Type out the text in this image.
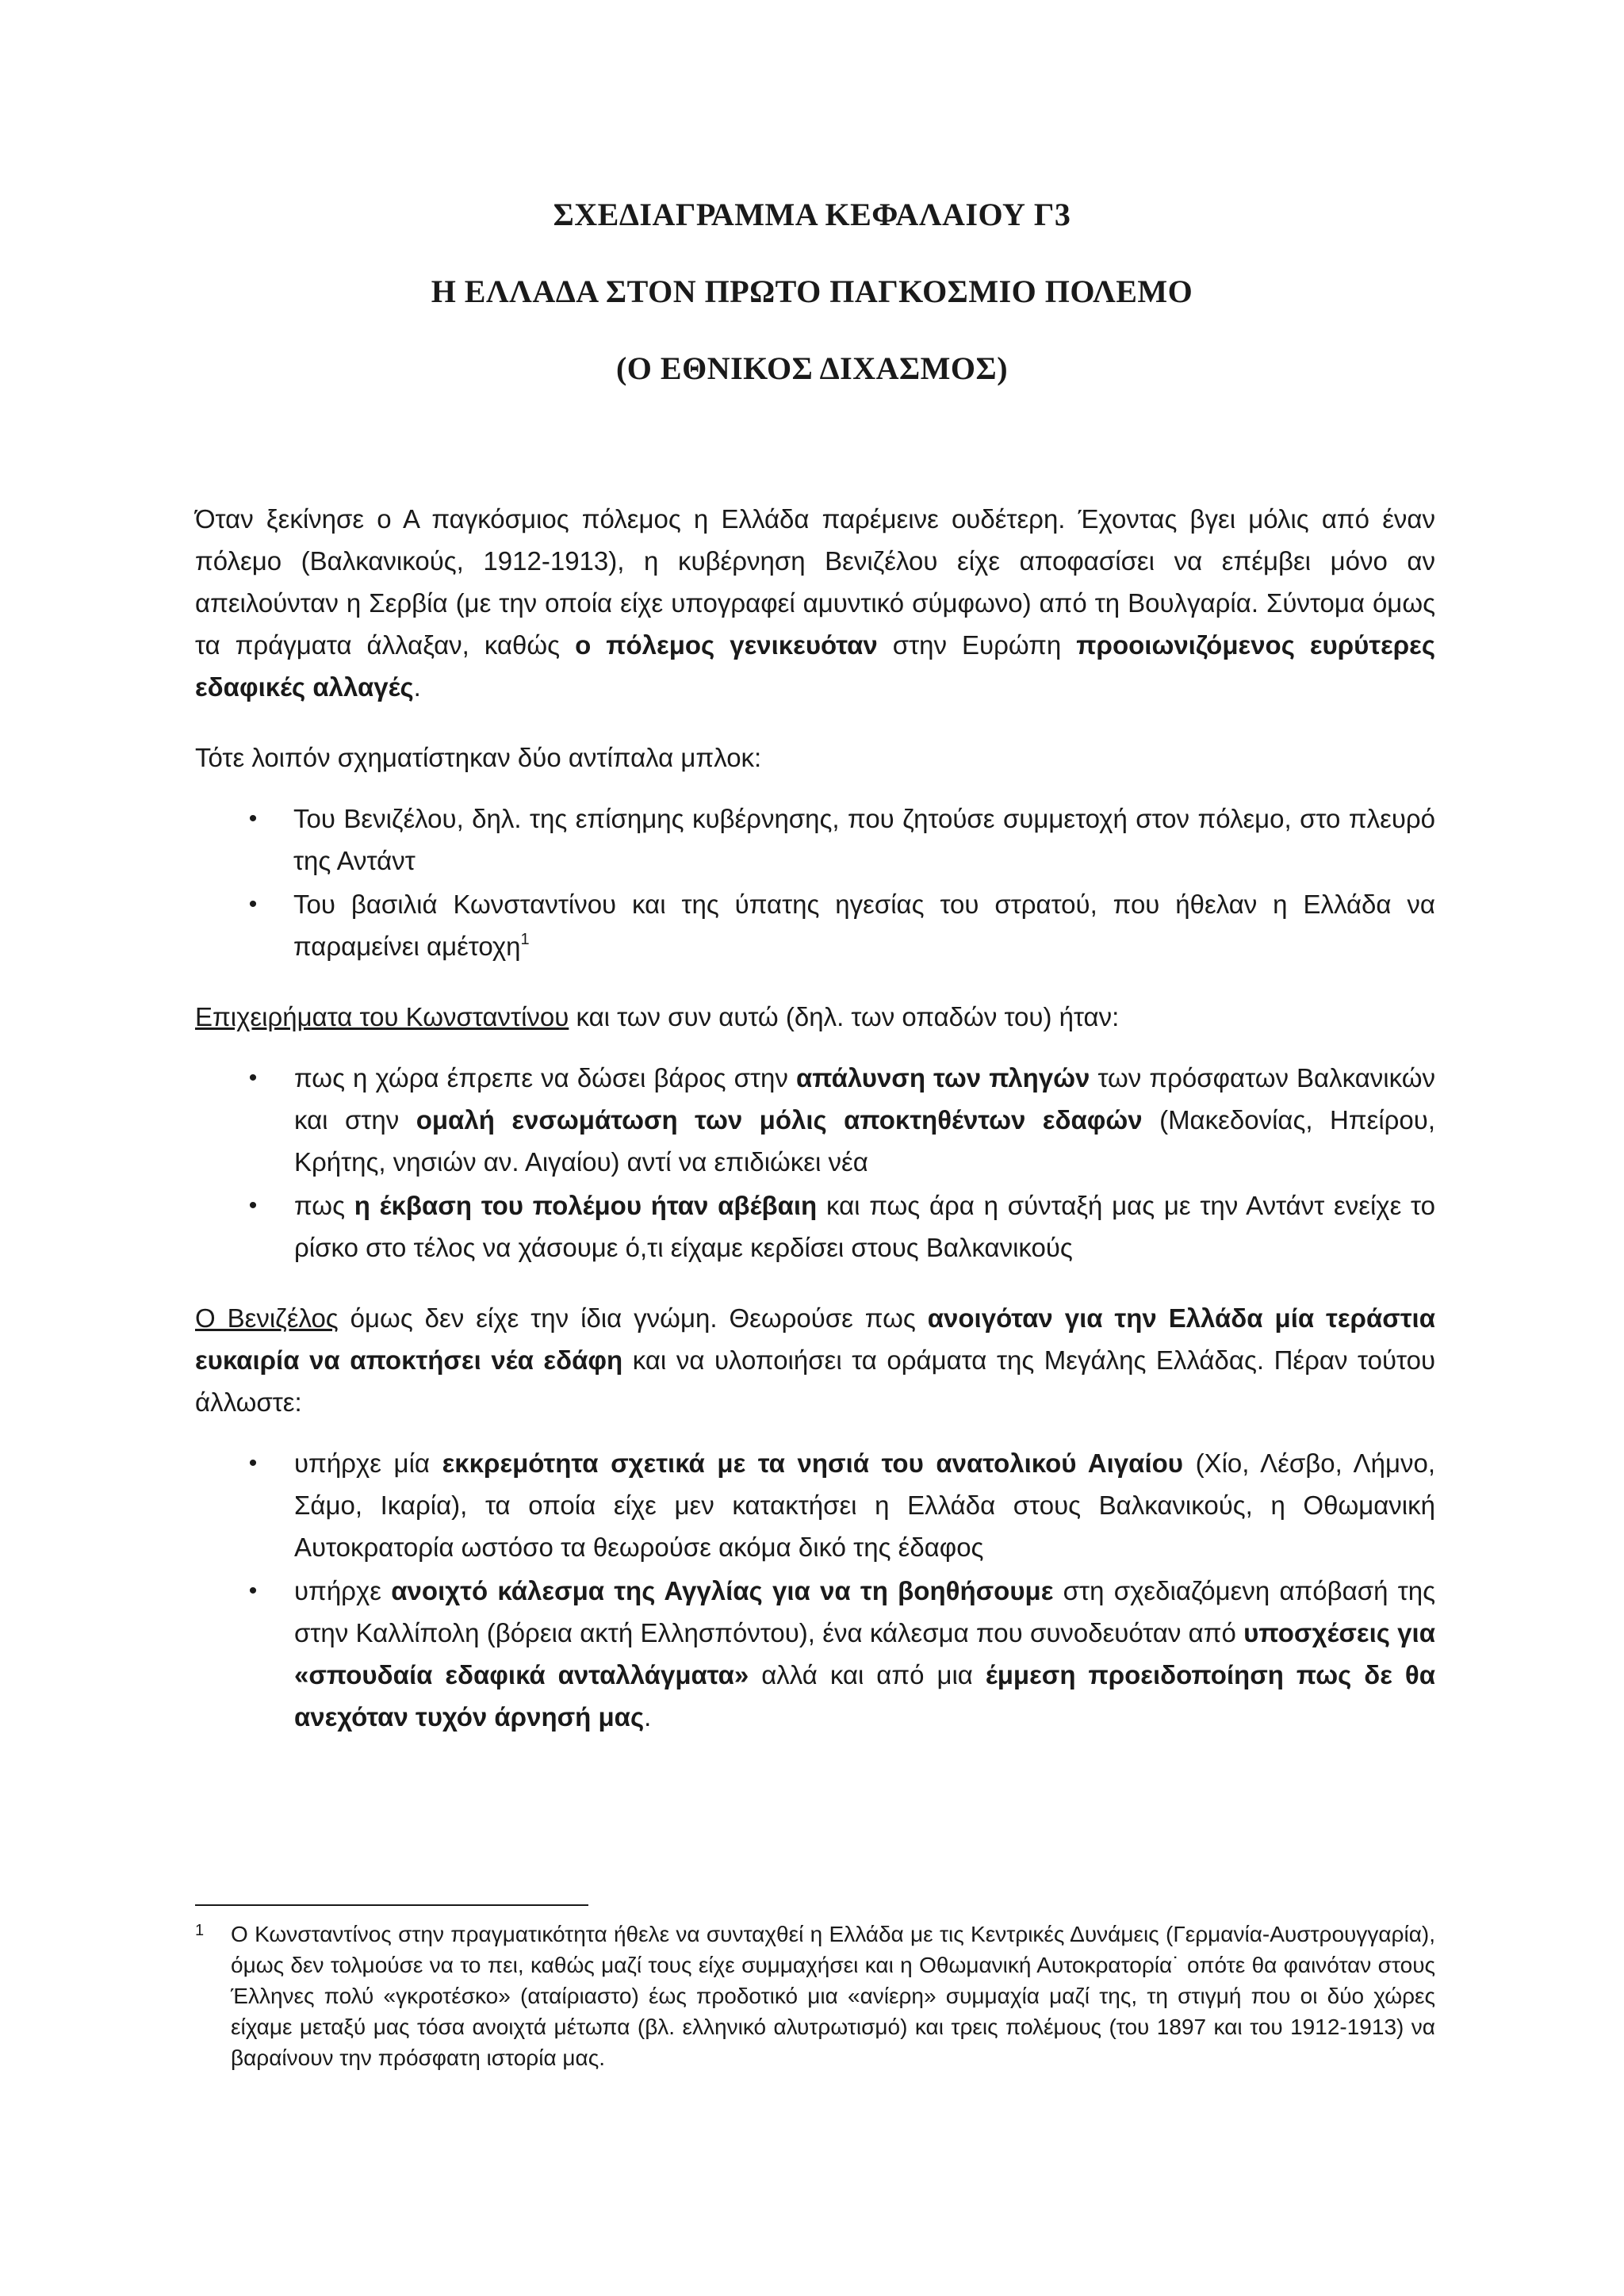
ΣΧΕΔΙΑΓΡΑΜΜΑ ΚΕΦΑΛΑΙΟΥ Γ3
Η ΕΛΛΑΔΑ ΣΤΟΝ ΠΡΩΤΟ ΠΑΓΚΟΣΜΙΟ ΠΟΛΕΜΟ
(Ο ΕΘΝΙΚΟΣ ΔΙΧΑΣΜΟΣ)

Όταν ξεκίνησε ο Α παγκόσμιος πόλεμος η Ελλάδα παρέμεινε ουδέτερη. Έχοντας βγει μόλις από έναν πόλεμο (Βαλκανικούς, 1912-1913), η κυβέρνηση Βενιζέλου είχε αποφασίσει να επέμβει μόνο αν απειλούνταν η Σερβία (με την οποία είχε υπογραφεί αμυντικό σύμφωνο) από τη Βουλγαρία. Σύντομα όμως τα πράγματα άλλαξαν, καθώς ο πόλεμος γενικευόταν στην Ευρώπη προοιωνιζόμενος ευρύτερες εδαφικές αλλαγές.

Τότε λοιπόν σχηματίστηκαν δύο αντίπαλα μπλοκ:

• Του Βενιζέλου, δηλ. της επίσημης κυβέρνησης, που ζητούσε συμμετοχή στον πόλεμο, στο πλευρό της Αντάντ
• Του βασιλιά Κωνσταντίνου και της ύπατης ηγεσίας του στρατού, που ήθελαν η Ελλάδα να παραμείνει αμέτοχη$^1$

Επιχειρήματα του Κωνσταντίνου και των συν αυτώ (δηλ. των οπαδών του) ήταν:

• πως η χώρα έπρεπε να δώσει βάρος στην απάλυνση των πληγών των πρόσφατων Βαλκανικών και στην ομαλή ενσωμάτωση των μόλις αποκτηθέντων εδαφών (Μακεδονίας, Ηπείρου, Κρήτης, νησιών αν. Αιγαίου) αντί να επιδιώκει νέα
• πως η έκβαση του πολέμου ήταν αβέβαιη και πως άρα η σύνταξή μας με την Αντάντ ενείχε το ρίσκο στο τέλος να χάσουμε ό,τι είχαμε κερδίσει στους Βαλκανικούς

Ο Βενιζέλος όμως δεν είχε την ίδια γνώμη. Θεωρούσε πως ανοιγόταν για την Ελλάδα μία τεράστια ευκαιρία να αποκτήσει νέα εδάφη και να υλοποιήσει τα οράματα της Μεγάλης Ελλάδας. Πέραν τούτου άλλωστε:

• υπήρχε μία εκκρεμότητα σχετικά με τα νησιά του ανατολικού Αιγαίου (Χίο, Λέσβο, Λήμνο, Σάμο, Ικαρία), τα οποία είχε μεν κατακτήσει η Ελλάδα στους Βαλκανικούς, η Οθωμανική Αυτοκρατορία ωστόσο τα θεωρούσε ακόμα δικό της έδαφος
• υπήρχε ανοιχτό κάλεσμα της Αγγλίας για να τη βοηθήσουμε στη σχεδιαζόμενη απόβασή της στην Καλλίπολη (βόρεια ακτή Ελλησπόντου), ένα κάλεσμα που συνοδευόταν από υποσχέσεις για «σπουδαία εδαφικά ανταλλάγματα» αλλά και από μια έμμεση προειδοποίηση πως δε θα ανεχόταν τυχόν άρνησή μας.
1	Ο Κωνσταντίνος στην πραγματικότητα ήθελε να συνταχθεί η Ελλάδα με τις Κεντρικές Δυνάμεις (Γερμανία-Αυστρουγγαρία), όμως δεν τολμούσε να το πει, καθώς μαζί τους είχε συμμαχήσει και η Οθωμανική Αυτοκρατορία˙ οπότε θα φαινόταν στους Έλληνες πολύ «γκροτέσκο» (αταίριαστο) έως προδοτικό μια «ανίερη» συμμαχία μαζί της, τη στιγμή που οι δύο χώρες είχαμε μεταξύ μας τόσα ανοιχτά μέτωπα (βλ. ελληνικό αλυτρωτισμό) και τρεις πολέμους (του 1897 και του 1912-1913) να βαραίνουν την πρόσφατη ιστορία μας.
